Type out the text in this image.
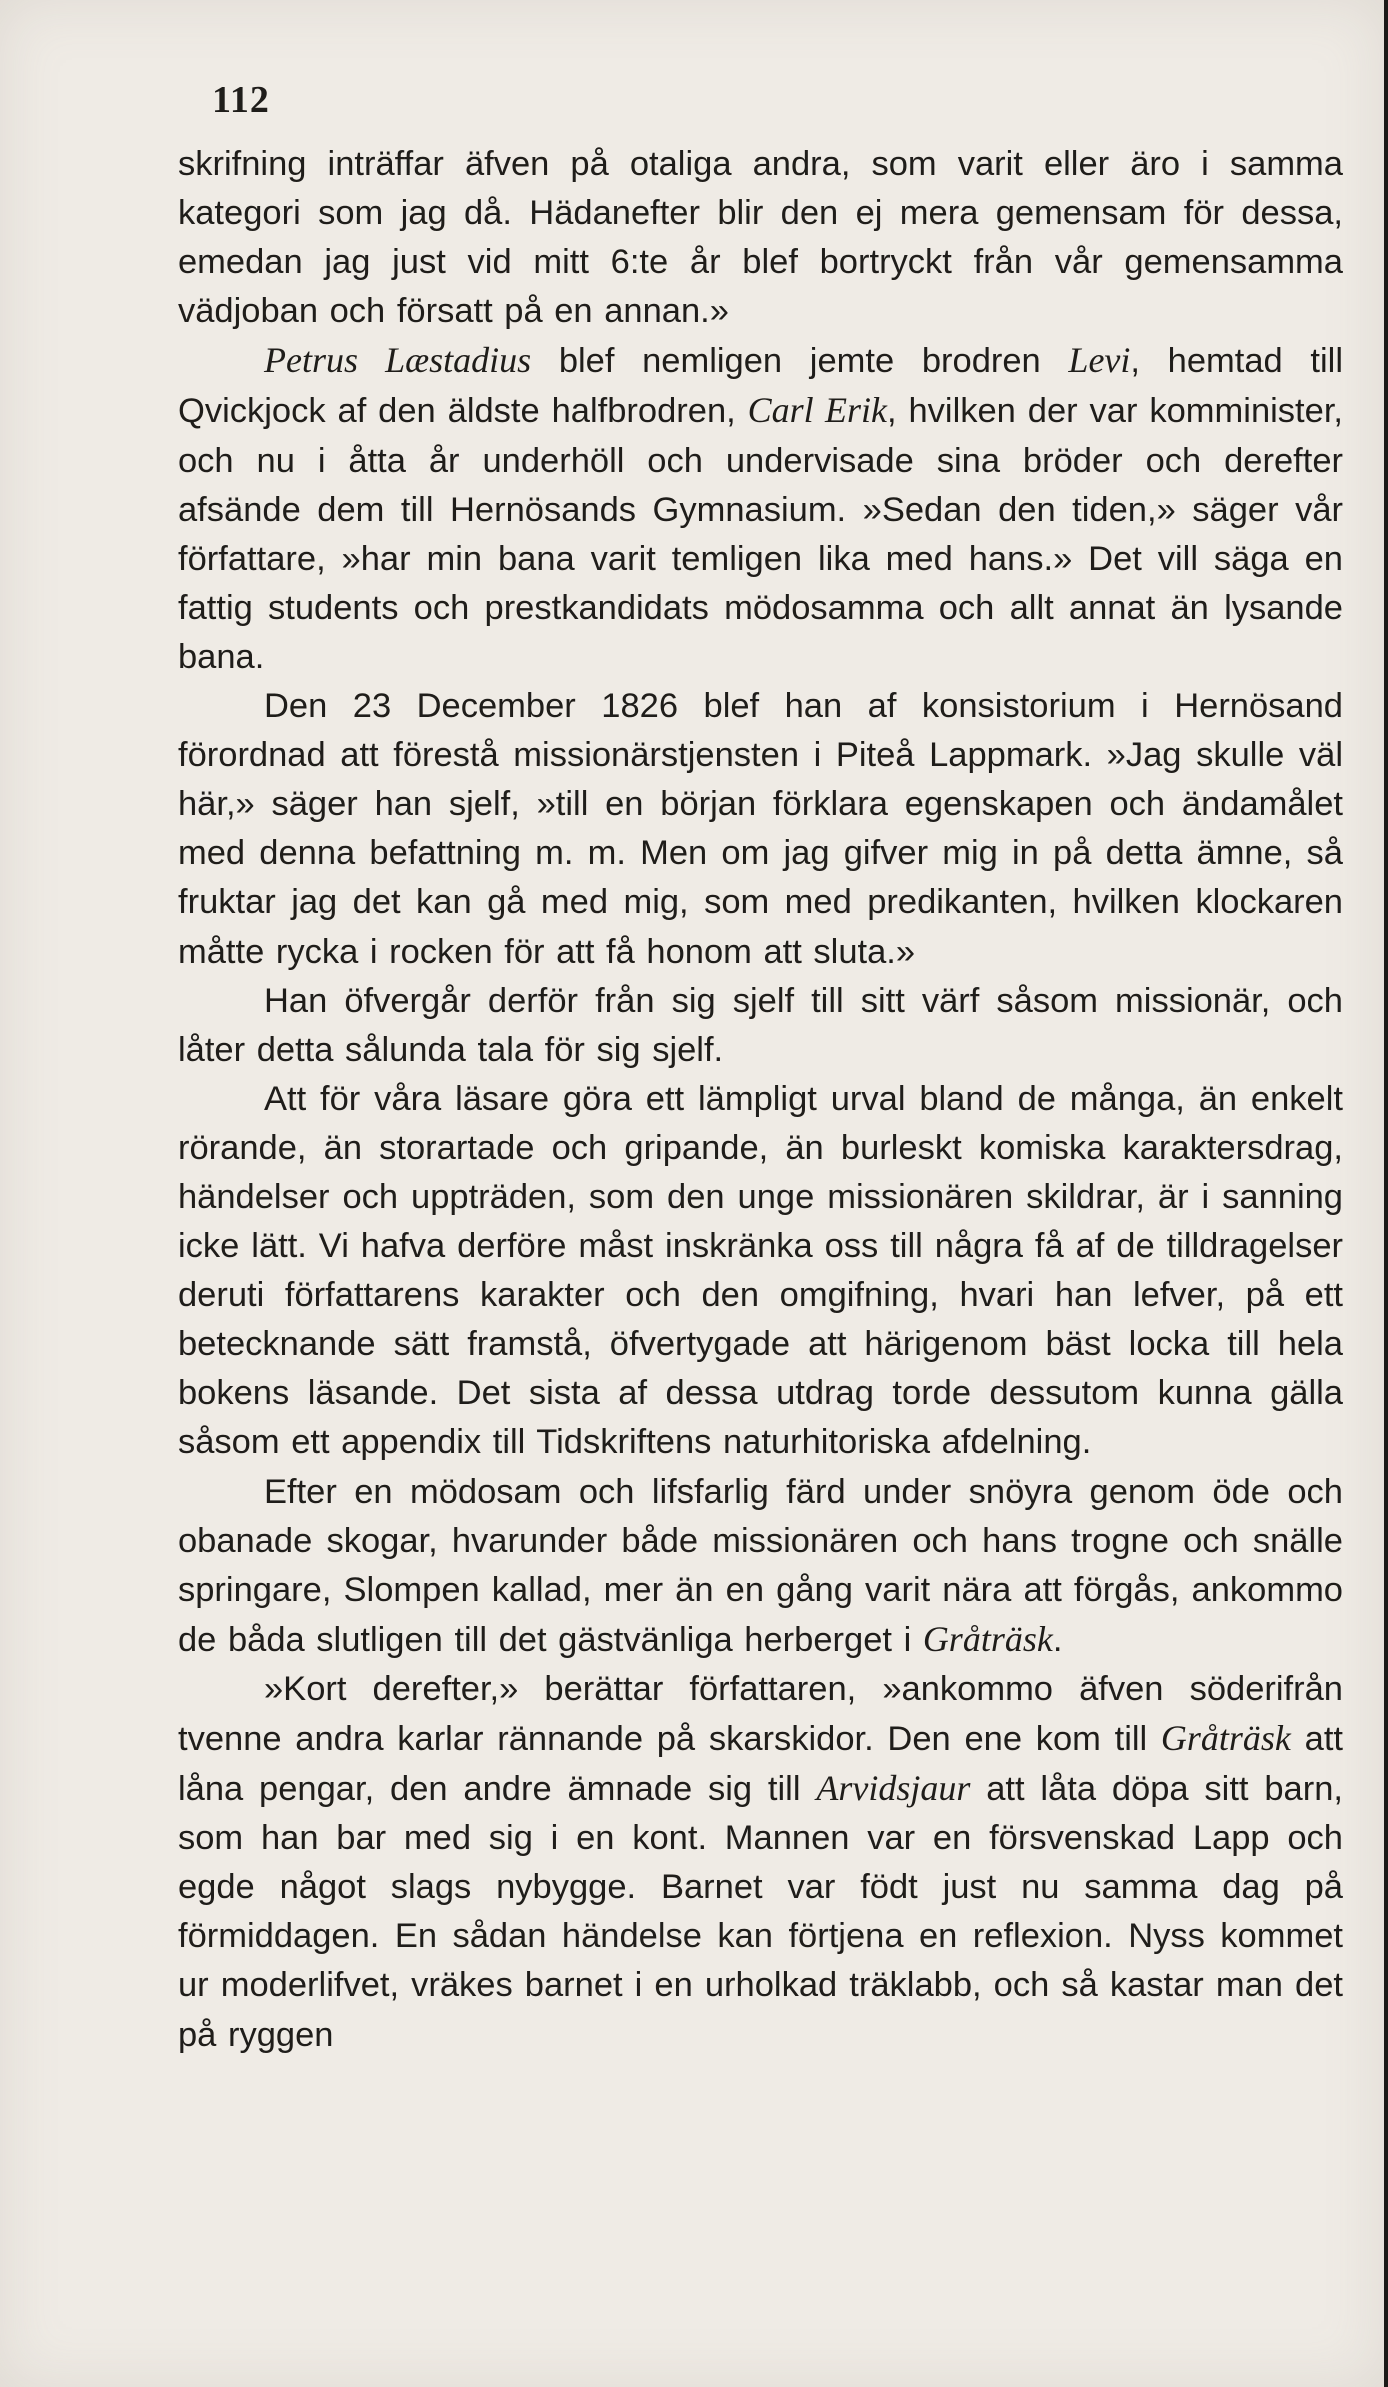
112

skrifning inträffar äfven på otaliga andra, som varit eller äro i samma kategori som jag då. Hädanefter blir den ej mera gemensam för dessa, emedan jag just vid mitt 6:te år blef bortryckt från vår gemensamma vädjoban och försatt på en annan.»

Petrus Læstadius blef nemligen jemte brodren Levi, hemtad till Qvickjock af den äldste halfbrodren, Carl Erik, hvilken der var komminister, och nu i åtta år underhöll och undervisade sina bröder och derefter afsände dem till Hernösands Gymnasium. »Sedan den tiden,» säger vår författare, »har min bana varit temligen lika med hans.» Det vill säga en fattig students och prestkandidats mödosamma och allt annat än lysande bana.

Den 23 December 1826 blef han af konsistorium i Hernösand förordnad att förestå missionärstjensten i Piteå Lappmark. »Jag skulle väl här,» säger han sjelf, »till en början förklara egenskapen och ändamålet med denna befattning m. m. Men om jag gifver mig in på detta ämne, så fruktar jag det kan gå med mig, som med predikanten, hvilken klockaren måtte rycka i rocken för att få honom att sluta.»

Han öfvergår derför från sig sjelf till sitt värf såsom missionär, och låter detta sålunda tala för sig sjelf.

Att för våra läsare göra ett lämpligt urval bland de många, än enkelt rörande, än storartade och gripande, än burleskt komiska karaktersdrag, händelser och uppträden, som den unge missionären skildrar, är i sanning icke lätt. Vi hafva derföre måst inskränka oss till några få af de tilldragelser deruti författarens karakter och den omgifning, hvari han lefver, på ett betecknande sätt framstå, öfvertygade att härigenom bäst locka till hela bokens läsande. Det sista af dessa utdrag torde dessutom kunna gälla såsom ett appendix till Tidskriftens naturhitoriska afdelning.

Efter en mödosam och lifsfarlig färd under snöyra genom öde och obanade skogar, hvarunder både missionären och hans trogne och snälle springare, Slompen kallad, mer än en gång varit nära att förgås, ankommo de båda slutligen till det gästvänliga herberget i Gråträsk.

»Kort derefter,» berättar författaren, »ankommo äfven söderifrån tvenne andra karlar rännande på skarskidor. Den ene kom till Gråträsk att låna pengar, den andre ämnade sig till Arvidsjaur att låta döpa sitt barn, som han bar med sig i en kont. Mannen var en försvenskad Lapp och egde något slags nybygge. Barnet var födt just nu samma dag på förmiddagen. En sådan händelse kan förtjena en reflexion. Nyss kommet ur moderlifvet, vräkes barnet i en urholkad träklabb, och så kastar man det på ryggen
